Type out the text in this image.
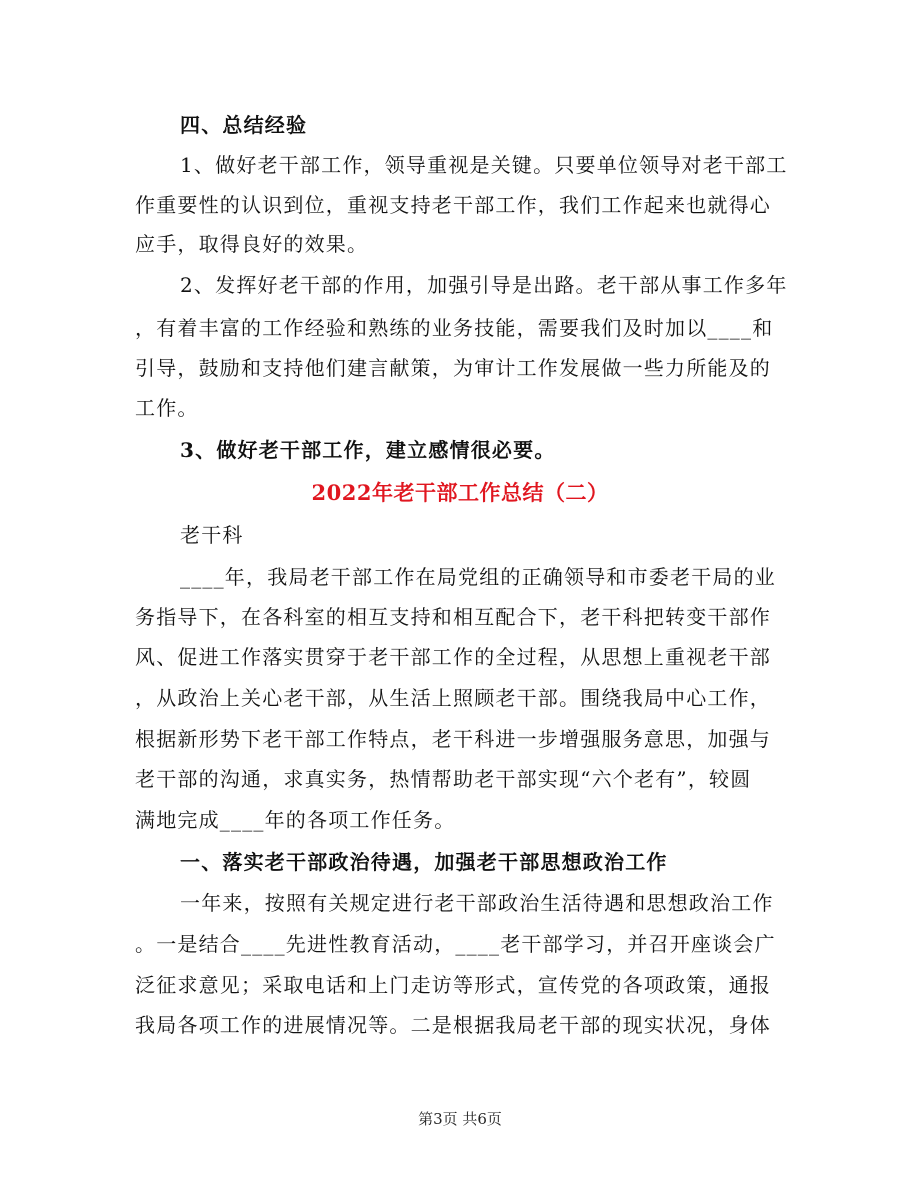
四、总结经验
1、做好老干部工作，领导重视是关键。只要单位领导对老干部工
作重要性的认识到位，重视支持老干部工作，我们工作起来也就得心
应手，取得良好的效果。
2、发挥好老干部的作用，加强引导是出路。老干部从事工作多年
，有着丰富的工作经验和熟练的业务技能，需要我们及时加以____和
引导，鼓励和支持他们建言献策，为审计工作发展做一些力所能及的
工作。
3、做好老干部工作，建立感情很必要。
2022年老干部工作总结（二）
老干科
____年，我局老干部工作在局党组的正确领导和市委老干局的业
务指导下，在各科室的相互支持和相互配合下，老干科把转变干部作
风、促进工作落实贯穿于老干部工作的全过程，从思想上重视老干部
，从政治上关心老干部，从生活上照顾老干部。围绕我局中心工作，
根据新形势下老干部工作特点，老干科进一步增强服务意思，加强与
老干部的沟通，求真实务，热情帮助老干部实现“六个老有”，较圆
满地完成____年的各项工作任务。
一、落实老干部政治待遇，加强老干部思想政治工作
一年来，按照有关规定进行老干部政治生活待遇和思想政治工作
。一是结合____先进性教育活动，____老干部学习，并召开座谈会广
泛征求意见；采取电话和上门走访等形式，宣传党的各项政策，通报
我局各项工作的进展情况等。二是根据我局老干部的现实状况，身体
第3页 共6页
